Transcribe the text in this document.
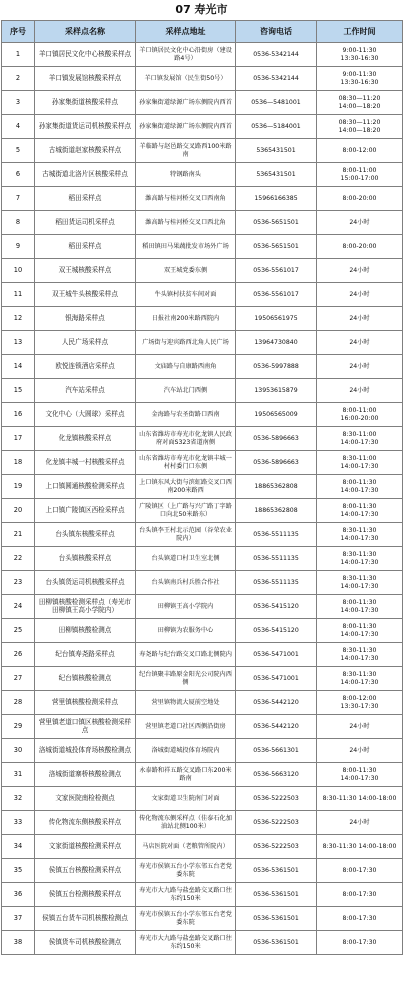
07 寿光市
序号	采样点名称	采样点地址	咨询电话	工作时间
1	羊口镇居民文化中心核酸采样点	羊口镇居民文化中心沿街房（建设路4号）	0536-5342144	9:00-11:30
13:30-16:30
2	羊口镇发展馆核酸采样点	羊口镇发展馆（民生街50号）	0536-5342144	9:00-11:30
13:30-16:30
3	孙家集街道核酸采样点	孙家集街道绿源广场东侧院内西首	0536—5481001	08:30—11:20
14:00—18:20
4	孙家集街道货运司机核酸采样点	孙家集街道绿源广场东侧院内西首	0536—5184001	08:30—11:20
14:00—18:20
5	古城街道赵家核酸采样点	羊临路与赵邑路交叉路西100米路南	5365431501	8:00-12:00
6	古城街道北洛片区核酸采样点	特钢路南头	5365431501	8:00-11:00
15:00-17:00
7	稻田采样点	潍高路与桂河桥交叉口西南角	15966166385	8:00-20:00
8	稻田货运司机采样点	潍高路与桂河桥交叉口西北角	0536-5651501	24小时
9	稻田采样点	稻田镇田马果蔬批发市场外广场	0536-5651501	8:00-20:00
10	双王城核酸采样点	双王城党委东侧	0536-5561017	24小时
11	双王城牛头核酸采样点	牛头镇村扶贫车间对面	0536-5561017	24小时
12	银海路采样点	日报社南200米路西院内	19506561975	24小时
13	人民广场采样点	广场街与迎宾路西北角人民广场	13964730840	24小时
14	欧悦连锁酒店采样点	文庙路与自康路西南角	0536-5997888	24小时
15	汽车站采样点	汽车站北门西侧	13953615879	24小时
16	文化中心（大圆球）采样点	金海路与农圣街路口西南	19506565009	8:00-11:00
16:00-20:00
17	化龙镇核酸采样点	山东省潍坊市寿光市化龙镇人民政府对面S323省道南侧	0536-5896663	8:30-11:00
14:00-17:30
18	化龙镇丰城一村核酸采样点	山东省潍坊市寿光市化龙镇丰城一村村委门口东侧	0536-5896663	8:30-11:00
14:00-17:30
19	上口镇圆通核酸检测采样点	上口镇东风大街与滨虹路交叉口西南200米路西	18865362808	8:00-11:30
14:00-17:30
20	上口镇广陵镇区西检采样点	广陵镇区（上广路与兴广路丁字路口向北50米路东）	18865362808	8:00-11:30
14:00-17:30
21	台头镇东核酸采样点	台头镇李王村北示范园（谷荣农业院内）	0536-5511135	8:30-11:30
14:00-17:30
22	台头镇核酸采样点	台头镇道口村卫生室北侧	0536-5511135	8:30-11:30
14:00-17:30
23	台头镇货运司机核酸采样点	台头镇南兵村兵胜合作社	0536-5511135	8:30-11:30
14:00-17:30
24	田柳镇核酸检测采样点（寿光市田柳镇王高小学院内）	田柳镇王高小学院内	0536-5415120	8:00-11:30
14:00-17:30
25	田柳镇核酸检测点	田柳镇为农服务中心	0536-5415120	8:00-11:30
14:00-17:30
26	纪台镇寿尧路采样点	寿尧路与纪台路交叉口路北侧院内	0536-5471001	8:30-11:30
14:00-17:30
27	纪台镇核酸检测点	纪台镇聚丰路原金阳光公司院内西侧	0536-5471001	8:30-11:30
14:00-17:30
28	营里镇核酸检测采样点	营里镇物流大厦前空地处	0536-5442120	8:00-12:00
13:30-17:30
29	营里镇老道口镇区核酸检测采样点	营里镇老道口社区西侧沿街房	0536-5442120	24小时
30	洛城街道城投体育场核酸检测点	洛城街道城投体育场院内	0536-5661301	24小时
31	洛城街道寨桥核酸检测点	永泰路和祥五路交叉路口东200米路南	0536-5663120	8:00-11:30
14:00-17:30
32	文家医院南检检测点	文家街道卫生院南门对面	0536-5222503	8:30-11:30 14:00-18:00
33	传化物流东侧核酸采样点	传化物流东侧采样点（佳泰石化加油站北侧100米）	0536-5222503	24小时
34	文家街道核酸检测采样点	马店医院对面（老粮管所院内）	0536-5222503	8:30-11:30 14:00-18:00
35	侯镇五台核酸检测采样点	寿光市侯镇五台小学东邻五台老党委东院	0536-5361501	8:00-17:30
36	侯镇五台检测核酸采样点	寿光市大九路与盐垒路交叉路口往东约150米	0536-5361501	8:00-17:30
37	侯镇五台货车司机核酸检测点	寿光市侯镇五台小学东邻五台老党委东院	0536-5361501	8:00-17:30
38	侯镇货车司机核酸检测点	寿光市大九路与盐垒路交叉路口往东约150米	0536-5361501	8:00-17:30
